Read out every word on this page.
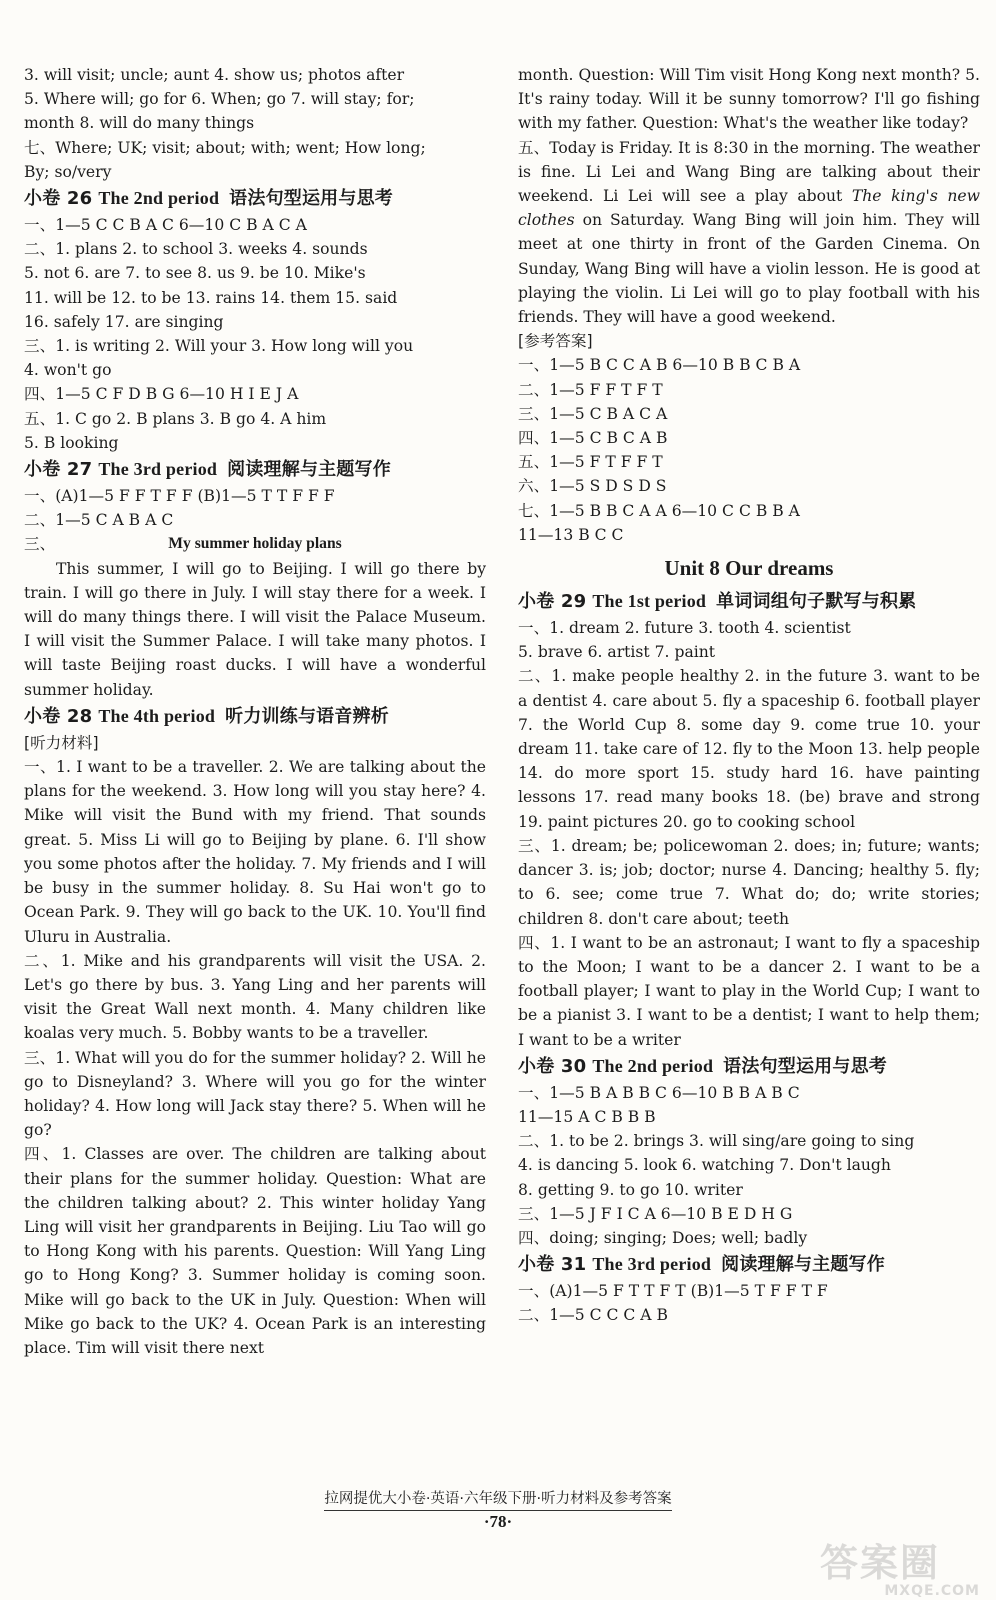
3. will visit; uncle; aunt 4. show us; photos after

5. Where will; go for 6. When; go 7. will stay; for;

month 8. will do many things

七、Where; UK; visit; about; with; went; How long;

By; so/very

小卷 26 The 2nd period 语法句型运用与思考

一、1—5 C C B A C 6—10 C B A C A

二、1. plans 2. to school 3. weeks 4. sounds

5. not 6. are 7. to see 8. us 9. be 10. Mike's

11. will be 12. to be 13. rains 14. them 15. said

16. safely 17. are singing

三、1. is writing 2. Will your 3. How long will you

4. won't go

四、1—5 C F D B G 6—10 H I E J A

五、1. C go 2. B plans 3. B go 4. A him

5. B looking

小卷 27 The 3rd period 阅读理解与主题写作

一、(A)1—5 F F T F F (B)1—5 T T F F F

二、1—5 C A B A C

三、	My summer holiday plans

This summer, I will go to Beijing. I will go there by train. I will go there in July. I will stay there for a week. I will do many things there. I will visit the Palace Museum. I will visit the Summer Palace. I will take many photos. I will taste Beijing roast ducks. I will have a wonderful summer holiday.

小卷 28 The 4th period 听力训练与语音辨析

[听力材料]

一、1. I want to be a traveller. 2. We are talking about the plans for the weekend. 3. How long will you stay here? 4. Mike will visit the Bund with my friend. That sounds great. 5. Miss Li will go to Beijing by plane. 6. I'll show you some photos after the holiday. 7. My friends and I will be busy in the summer holiday. 8. Su Hai won't go to Ocean Park. 9. They will go back to the UK. 10. You'll find Uluru in Australia.

二、1. Mike and his grandparents will visit the USA. 2. Let's go there by bus. 3. Yang Ling and her parents will visit the Great Wall next month. 4. Many children like koalas very much. 5. Bobby wants to be a traveller.

三、1. What will you do for the summer holiday? 2. Will he go to Disneyland? 3. Where will you go for the winter holiday? 4. How long will Jack stay there? 5. When will he go?

四、1. Classes are over. The children are talking about their plans for the summer holiday. Question: What are the children talking about? 2. This winter holiday Yang Ling will visit her grandparents in Beijing. Liu Tao will go to Hong Kong with his parents. Question: Will Yang Ling go to Hong Kong? 3. Summer holiday is coming soon. Mike will go back to the UK in July. Question: When will Mike go back to the UK? 4. Ocean Park is an interesting place. Tim will visit there next

month. Question: Will Tim visit Hong Kong next month? 5. It's rainy today. Will it be sunny tomorrow? I'll go fishing with my father. Question: What's the weather like today?

五、Today is Friday. It is 8:30 in the morning. The weather is fine. Li Lei and Wang Bing are talking about their weekend. Li Lei will see a play about The king's new clothes on Saturday. Wang Bing will join him. They will meet at one thirty in front of the Garden Cinema. On Sunday, Wang Bing will have a violin lesson. He is good at playing the violin. Li Lei will go to play football with his friends. They will have a good weekend.

[参考答案]

一、1—5 B C C A B 6—10 B B C B A

二、1—5 F F T F T

三、1—5 C B A C A

四、1—5 C B C A B

五、1—5 F T F F T

六、1—5 S D S D S

七、1—5 B B C A A 6—10 C C B B A

11—13 B C C

Unit 8 Our dreams

小卷 29 The 1st period 单词词组句子默写与积累

一、1. dream 2. future 3. tooth 4. scientist

5. brave 6. artist 7. paint

二、1. make people healthy 2. in the future 3. want to be a dentist 4. care about 5. fly a spaceship 6. football player 7. the World Cup 8. some day 9. come true 10. your dream 11. take care of 12. fly to the Moon 13. help people 14. do more sport 15. study hard 16. have painting lessons 17. read many books 18. (be) brave and strong 19. paint pictures 20. go to cooking school

三、1. dream; be; policewoman 2. does; in; future; wants; dancer 3. is; job; doctor; nurse 4. Dancing; healthy 5. fly; to 6. see; come true 7. What do; do; write stories; children 8. don't care about; teeth

四、1. I want to be an astronaut; I want to fly a spaceship to the Moon; I want to be a dancer 2. I want to be a football player; I want to play in the World Cup; I want to be a pianist 3. I want to be a dentist; I want to help them; I want to be a writer

小卷 30 The 2nd period 语法句型运用与思考

一、1—5 B A B B C 6—10 B B A B C

11—15 A C B B B

二、1. to be 2. brings 3. will sing/are going to sing

4. is dancing 5. look 6. watching 7. Don't laugh

8. getting 9. to go 10. writer

三、1—5 J F I C A 6—10 B E D H G

四、doing; singing; Does; well; badly

小卷 31 The 3rd period 阅读理解与主题写作

一、(A)1—5 F T T F T (B)1—5 T F F T F

二、1—5 C C C A B

拉网提优大小卷·英语·六年级下册·听力材料及参考答案
·78·
答案圈
MXQE.COM
